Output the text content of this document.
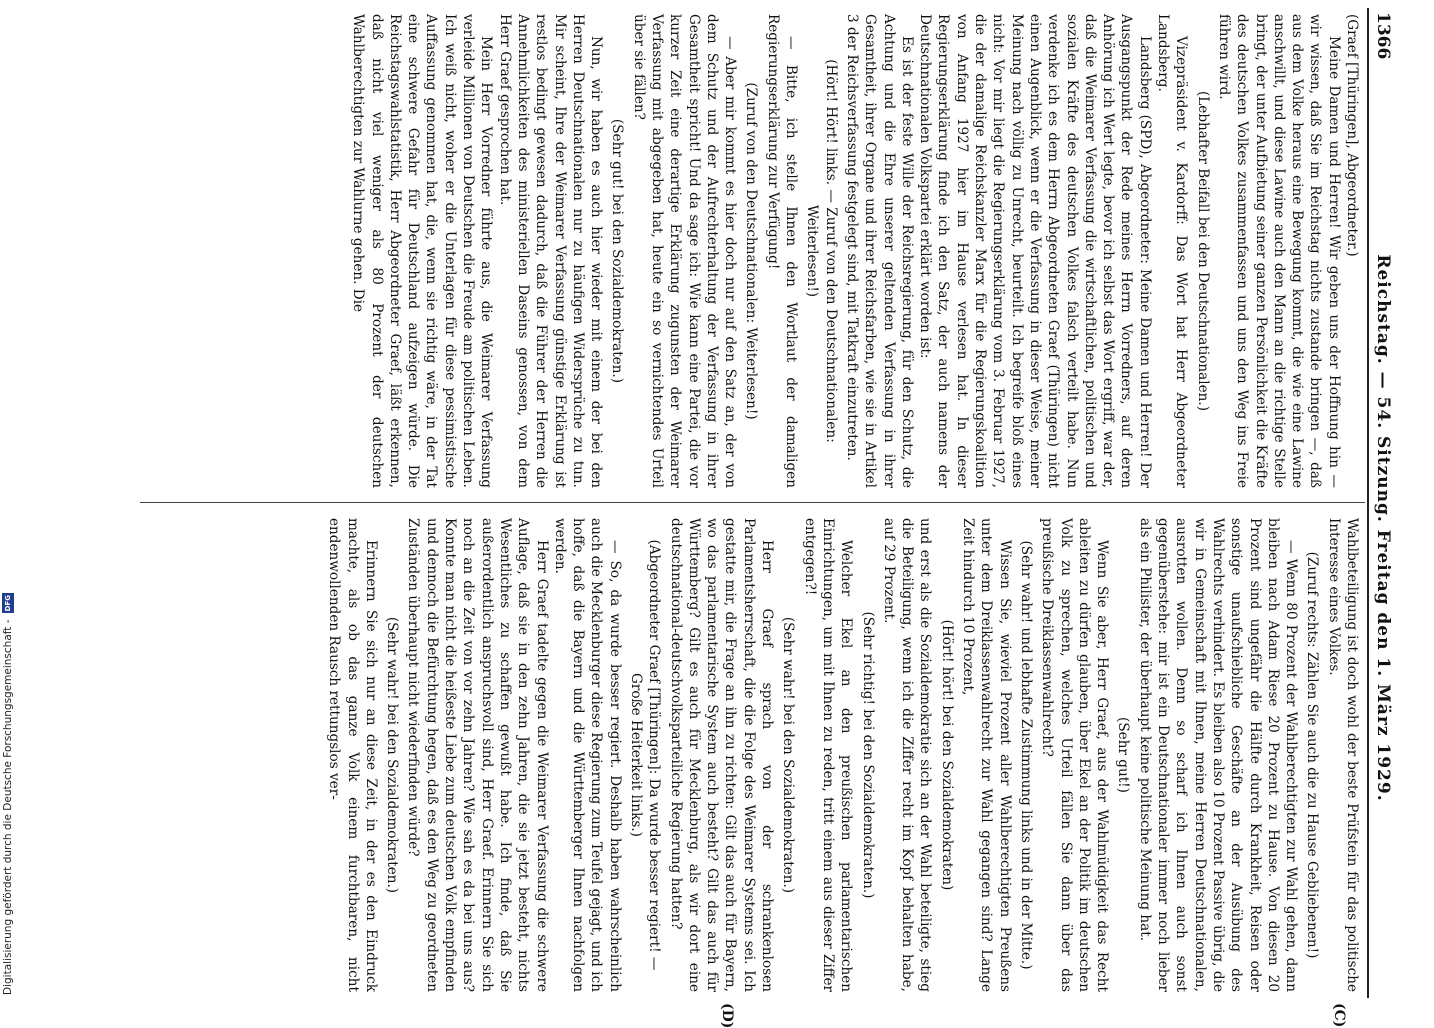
1366
Reichstag. — 54. Sitzung. Freitag den 1. März 1929.
(C)
(D)

(Graef [Thüringen], Abgeordneter.)

Meine Damen und Herren! Wir geben uns der Hoffnung hin — wir wissen, daß Sie im Reichstag nichts zustande bringen —, daß aus dem Volke heraus eine Bewegung kommt, die wie eine Lawine anschwillt, und diese Lawine auch den Mann an die richtige Stelle bringt, der unter Aufbietung seiner ganzen Persönlichkeit die Kräfte des deutschen Volkes zusammenfassen und uns den Weg ins Freie führen wird.

(Lebhafter Beifall bei den Deutschnationalen.)

Vizepräsident v. Kardorff: Das Wort hat Herr Abgeordneter Landsberg.

Landsberg (SPD), Abgeordneter: Meine Damen und Herren! Der Ausgangspunkt der Rede meines Herrn Vorredners, auf deren Anhörung ich Wert legte, bevor ich selbst das Wort ergriff, war der, daß die Weimarer Verfassung die wirtschaftlichen, politischen und sozialen Kräfte des deutschen Volkes falsch verteilt habe. Nun verdenke ich es dem Herrn Abgeordneten Graef (Thüringen) nicht einen Augenblick, wenn er die Verfassung in dieser Weise, meiner Meinung nach völlig zu Unrecht, beurteilt. Ich begreife bloß eines nicht: Vor mir liegt die Regierungserklärung vom 3. Februar 1927, die der damalige Reichskanzler Marx für die Regierungskoalition von Anfang 1927 hier im Hause verlesen hat. In dieser Regierungserklärung finde ich den Satz, der auch namens der Deutschnationalen Volkspartei erklärt worden ist:

Es ist der feste Wille der Reichsregierung, für den Schutz, die Achtung und die Ehre unserer geltenden Verfassung in ihrer Gesamtheit, ihrer Organe und ihrer Reichsfarben, wie sie in Artikel 3 der Reichsverfassung festgelegt sind, mit Tatkraft einzutreten.

(Hört! Hört! links. — Zuruf von den Deutschnationalen: Weiterlesen!)

— Bitte, ich stelle Ihnen den Wortlaut der damaligen Regierungserklärung zur Verfügung!

(Zuruf von den Deutschnationalen: Weiterlesen!)

— Aber mir kommt es hier doch nur auf den Satz an, der von dem Schutz und der Aufrechterhaltung der Verfassung in ihrer Gesamtheit spricht! Und da sage ich: Wie kann eine Partei, die vor kurzer Zeit eine derartige Erklärung zugunsten der Weimarer Verfassung mit abgegeben hat, heute ein so vernichtendes Urteil über sie fällen?

(Sehr gut! bei den Sozialdemokraten.)

Nun, wir haben es auch hier wieder mit einem der bei den Herren Deutschnationalen nur zu häufigen Widersprüche zu tun. Mir scheint, Ihre der Weimarer Verfassung günstige Erklärung ist restlos bedingt gewesen dadurch, daß die Führer der Herren die Annehmlichkeiten des ministeriellen Daseins genossen, von dem Herr Graef gesprochen hat.

Mein Herr Vorredner führte aus, die Weimarer Verfassung verleide Millionen von Deutschen die Freude am politischen Leben. Ich weiß nicht, woher er die Unterlagen für diese pessimistische Auffassung genommen hat, die, wenn sie richtig wäre, in der Tat eine schwere Gefahr für Deutschland aufzeigen würde. Die Reichstagswahlstatistik, Herr Abgeordneter Graef, läßt erkennen, daß nicht viel weniger als 80 Prozent der deutschen Wahlberechtigten zur Wahlurne gehen. Die

Wahlbeteiligung ist doch wohl der beste Prüfstein für das politische Interesse eines Volkes.

(Zuruf rechts: Zählen Sie auch die zu Hause Gebliebenen!)

— Wenn 80 Prozent der Wahlberechtigten zur Wahl gehen, dann bleiben nach Adam Riese 20 Prozent zu Hause. Von diesen 20 Prozent sind ungefähr die Hälfte durch Krankheit, Reisen oder sonstige unaufschiebliche Geschäfte an der Ausübung des Wahlrechts verhindert. Es bleiben also 10 Prozent Passive übrig, die wir in Gemeinschaft mit Ihnen, meine Herren Deutschnationalen, ausrotten wollen. Denn so scharf ich Ihnen auch sonst gegenüberstehe: mir ist ein Deutschnationaler immer noch lieber als ein Philister, der überhaupt keine politische Meinung hat.

(Sehr gut!)

Wenn Sie aber, Herr Graef, aus der Wahlmüdigkeit das Recht ableiten zu dürfen glauben, über Ekel an der Politik im deutschen Volk zu sprechen, welches Urteil fällen Sie dann über das preußische Dreiklassenwahlrecht?

(Sehr wahr! und lebhafte Zustimmung links und in der Mitte.)

Wissen Sie, wieviel Prozent aller Wahlberechtigten Preußens unter dem Dreiklassenwahlrecht zur Wahl gegangen sind? Lange Zeit hindurch 10 Prozent,

(Hört! hört! bei den Sozialdemokraten)

und erst als die Sozialdemokratie sich an der Wahl beteiligte, stieg die Beteiligung, wenn ich die Ziffer recht im Kopf behalten habe, auf 29 Prozent.

(Sehr richtig! bei den Sozialdemokraten.)

Welcher Ekel an den preußischen parlamentarischen Einrichtungen, um mit Ihnen zu reden, tritt einem aus dieser Ziffer entgegen?!

(Sehr wahr! bei den Sozialdemokraten.)

Herr Graef sprach von der schrankenlosen Parlamentsherrschaft, die die Folge des Weimarer Systems sei. Ich gestatte mir, die Frage an ihn zu richten: Gilt das auch für Bayern, wo das parlamentarische System auch besteht? Gilt das auch für Württemberg? Gilt es auch für Mecklenburg, als wir dort eine deutschnational-deutschvolksparteiliche Regierung hatten?

(Abgeordneter Graef [Thüringen]: Da wurde besser regiert! — Große Heiterkeit links.)

— So, da wurde besser regiert. Deshalb haben wahrscheinlich auch die Mecklenburger diese Regierung zum Teufel gejagt, und ich hoffe, daß die Bayern und die Württemberger Ihnen nachfolgen werden.

Herr Graef tadelte gegen die Weimarer Verfassung die schwere Auflage, daß sie in den zehn Jahren, die sie jetzt besteht, nichts Wesentliches zu schaffen gewußt habe. Ich finde, daß Sie außerordentlich anspruchsvoll sind, Herr Graef. Erinnern Sie sich noch an die Zeit von vor zehn Jahren? Wie sah es da bei uns aus? Konnte man nicht die heißeste Liebe zum deutschen Volk empfinden und dennoch die Befürchtung hegen, daß es den Weg zu geordneten Zuständen überhaupt nicht wiederfinden würde?

(Sehr wahr! bei den Sozialdemokraten.)

Erinnern Sie sich nur an diese Zeit, in der es den Eindruck machte, als ob das ganze Volk einem furchtbaren, nicht endenwollenden Rausch rettungslos ver-

Digitalisierung gefördert durch die Deutsche Forschungsgemeinschaft - DFG
